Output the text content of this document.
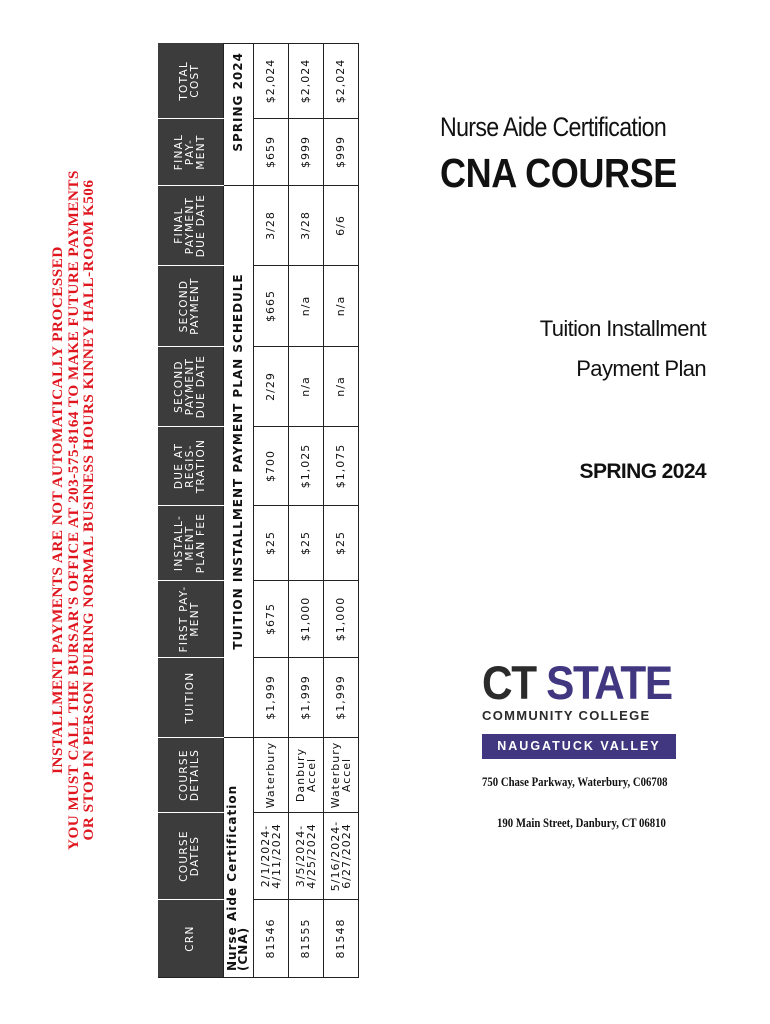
INSTALLMENT PAYMENTS ARE NOT AUTOMATICALLY PROCESSED
YOU MUST CALL THE BURSAR'S OFFICE AT 203-575-8164 TO MAKE FUTURE PAYMENTS
OR STOP IN PERSON DURING NORMAL BUSINESS HOURS KINNEY HALL-ROOM K506
Nurse Aide Certification (CNA)			TUITION INSTALLMENT PAYMENT PLAN SCHEDULE							SPRING 2024	
CRN	COURSE DATES	COURSE DETAILS	TUITION	FIRST PAY-MENT	INSTALL-MENT PLAN FEE	DUE AT REGIS-TRATION	SECOND PAYMENT DUE DATE	SECOND PAYMENT	FINAL PAYMENT DUE DATE	FINAL PAY-MENT	TOTAL COST
81546	2/1/2024-4/11/2024	Waterbury	$1,999	$675	$25	$700	2/29	$665	3/28	$659	$2,024
81555	3/5/2024-4/25/2024	Danbury Accel	$1,999	$1,000	$25	$1,025	n/a	n/a	3/28	$999	$2,024
81548	5/16/2024-6/27/2024	Waterbury Accel	$1,999	$1,000	$25	$1,075	n/a	n/a	6/6	$999	$2,024
Nurse Aide Certification
CNA COURSE
Tuition Installment
Payment Plan
SPRING 2024
CT STATE
COMMUNITY COLLEGE
NAUGATUCK VALLEY
750 Chase Parkway, Waterbury, C06708
190 Main Street, Danbury, CT 06810
